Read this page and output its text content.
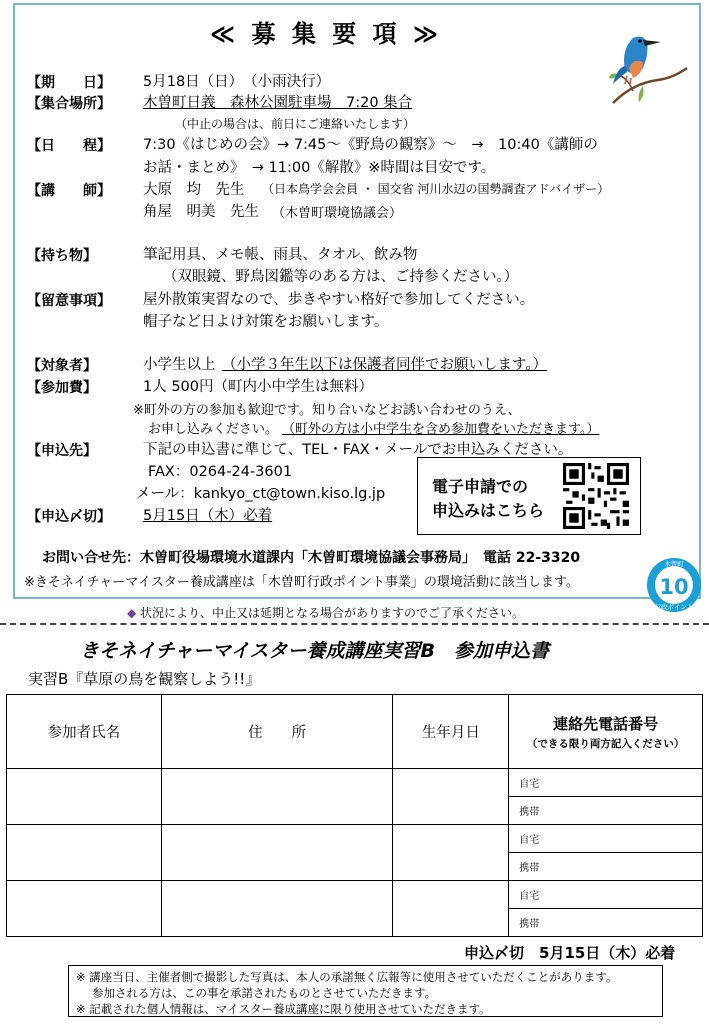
≪ 募 集 要 項 ≫
【期　　日】 5月18日（日）　（小雨決行）
【集合場所】 木曽町日義　森林公園駐車場　7:20 集合
（中止の場合は、前日にご連絡いたします）
【日　　程】 7:30《はじめの会》→ 7:45～《野鳥の観察》～　→　10:40《講師の
お話・まとめ》　→ 11:00《解散》※時間は目安です。
【講　　師】 大原　均　先生 （日本鳥学会会員 ・ 国交省 河川水辺の国勢調査アドバイザー）
角屋　明美　先生 （木曽町環境協議会）
【持ち物】	筆記用具、メモ帳、雨具、タオル、飲み物
（双眼鏡、野鳥図鑑等のある方は、ご持参ください。）
【留意事項】 屋外散策実習なので、歩きやすい格好で参加してください。
帽子など日よけ対策をお願いします。
【対象者】	小学生以上 （小学３年生以下は保護者同伴でお願いします。）
【参加費】	1人 500円（町内小中学生は無料）
※町外の方の参加も歓迎です。知り合いなどお誘い合わせのうえ、
お申し込みください。 （町外の方は小中学生を含め参加費をいただきます。）
【申込先】	下記の申込書に準じて、TEL・FAX・メールでお申込みください。
FAX：0264-24-3601
メール：kankyo_ct@town.kiso.lg.jp
【申込〆切】 5月15日（木）必着
電子申請での
申込みはこちら
お問い合せ先：木曽町役場環境水道課内「木曽町環境協議会事務局」　電話 22-3320
※きそネイチャーマイスター養成講座は「木曽町行政ポイント事業」の環境活動に該当します。
木曽町
10
行政ポイント
◆ 状況により、中止又は延期となる場合がありますのでご了承ください。
きそネイチャーマイスター養成講座実習B　参加申込書
実習B『草原の鳥を観察しよう!!』
参加者氏名	住　　所	生年月日	連絡先電話番号
（できる限り両方記入ください）

			自宅
			携帯
			自宅
			携帯
			自宅
			携帯
申込〆切　5月15日（木）必着
※ 講座当日、主催者側で撮影した写真は、本人の承諾無く広報等に使用させていただくことがあります。
参加される方は、この事を承諾されたものとさせていただきます。
※ 記載された個人情報は、マイスター養成講座に限り使用させていただきます。
